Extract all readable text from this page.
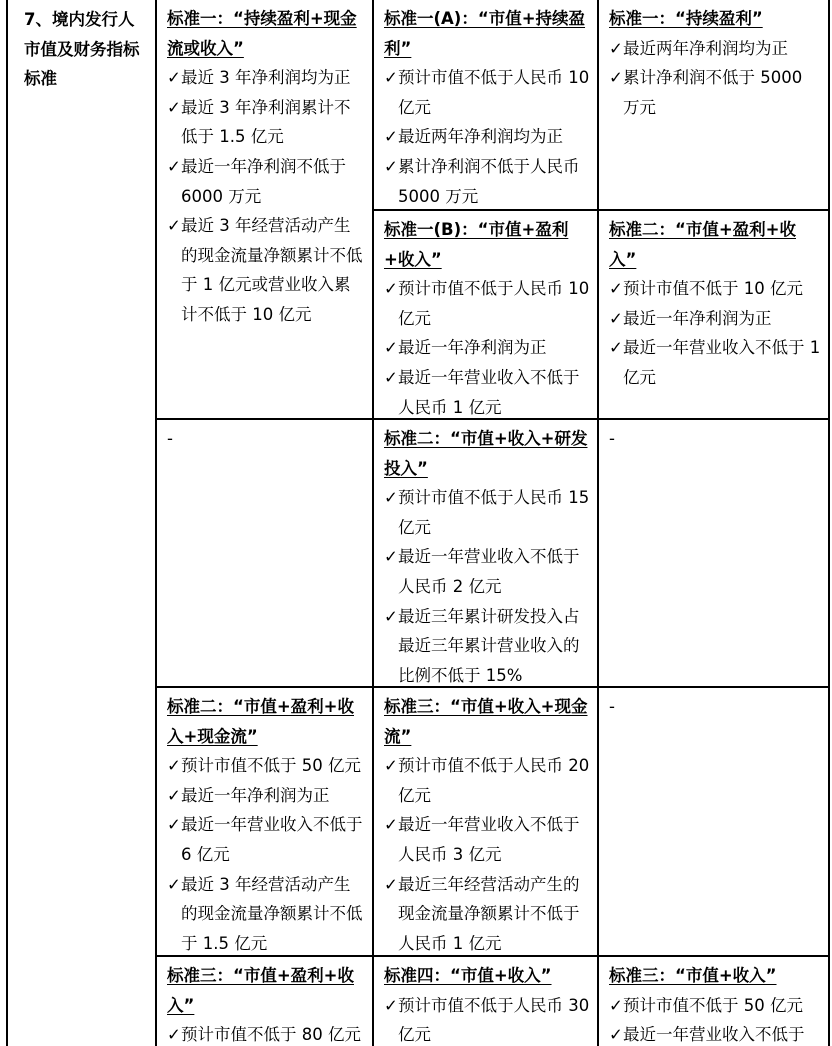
7、境内发行人市值及财务指标标准
标准一：“持续盈利+现金流或收入”
✓ 最近 3 年净利润均为正
✓ 最近 3 年净利润累计不低于 1.5 亿元
✓ 最近一年净利润不低于 6000 万元
✓ 最近 3 年经营活动产生的现金流量净额累计不低于 1 亿元或营业收入累计不低于 10 亿元
-
标准二：“市值+盈利+收入+现金流”
✓ 预计市值不低于 50 亿元
✓ 最近一年净利润为正
✓ 最近一年营业收入不低于 6 亿元
✓ 最近 3 年经营活动产生的现金流量净额累计不低于 1.5 亿元
标准三：“市值+盈利+收入”
✓ 预计市值不低于 80 亿元
标准一(A)：“市值+持续盈利”
✓ 预计市值不低于人民币 10 亿元
✓ 最近两年净利润均为正
✓ 累计净利润不低于人民币 5000 万元
标准一(B)：“市值+盈利+收入”
✓ 预计市值不低于人民币 10 亿元
✓ 最近一年净利润为正
✓ 最近一年营业收入不低于人民币 1 亿元
标准二：“市值+收入+研发投入”
✓ 预计市值不低于人民币 15 亿元
✓ 最近一年营业收入不低于人民币 2 亿元
✓ 最近三年累计研发投入占最近三年累计营业收入的比例不低于 15%
标准三：“市值+收入+现金流”
✓ 预计市值不低于人民币 20 亿元
✓ 最近一年营业收入不低于人民币 3 亿元
✓ 最近三年经营活动产生的现金流量净额累计不低于人民币 1 亿元
标准四：“市值+收入”
✓ 预计市值不低于人民币 30 亿元
标准一：“持续盈利”
✓ 最近两年净利润均为正
✓ 累计净利润不低于 5000 万元
标准二：“市值+盈利+收入”
✓ 预计市值不低于 10 亿元
✓ 最近一年净利润为正
✓ 最近一年营业收入不低于 1 亿元
-
-
标准三：“市值+收入”
✓ 预计市值不低于 50 亿元
✓ 最近一年营业收入不低于
